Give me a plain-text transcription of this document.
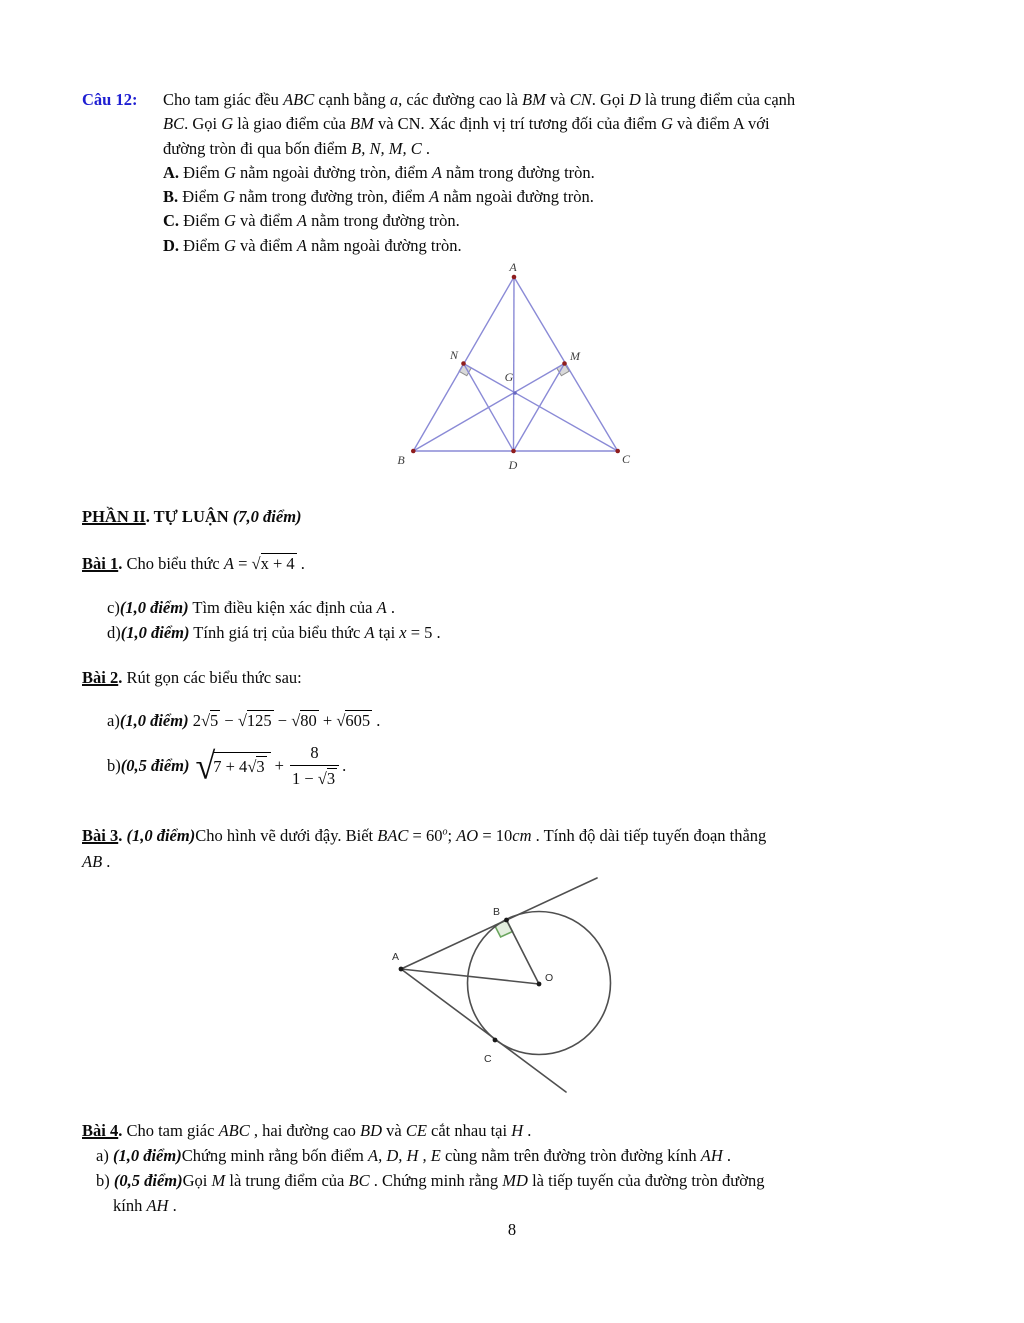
Câu 12:	Cho tam giác đều ABC cạnh bằng a, các đường cao là BM và CN. Gọi D là trung điểm của cạnh
BC. Gọi G là giao điểm của BM và CN. Xác định vị trí tương đối của điểm G và điểm A với
đường tròn đi qua bốn điểm B, N, M, C .
A. Điểm G nằm ngoài đường tròn, điểm A nằm trong đường tròn.
B. Điểm G nằm trong đường tròn, điểm A nằm ngoài đường tròn.
C. Điểm G và điểm A nằm trong đường tròn.
D. Điểm G và điểm A nằm ngoài đường tròn.
A
B	C
D
N	M
G
PHẦN II. TỰ LUẬN (7,0 điểm)
Bài 1. Cho biểu thức A = √x + 4 .
c)(1,0 điểm) Tìm điều kiện xác định của A .
d)(1,0 điểm) Tính giá trị của biểu thức A tại x = 5 .
Bài 2. Rút gọn các biểu thức sau:
a)(1,0 điểm) 2√5 − √125 − √80 + √605 .
b)(0,5 điểm) √
$7 + 4√3 + \frac{8}{1 - √3}$ .
Bài 3. (1,0 điểm)Cho hình vẽ dưới đậy. Biết BAC = $60^o$; AO = 10cm . Tính độ dài tiếp tuyến đoạn thẳng
AB .
A
B
C
O
Bài 4. Cho tam giác ABC , hai đường cao BD và CE cắt nhau tại H .
a) (1,0 điểm)Chứng minh rằng bốn điểm A, D, H , E cùng nằm trên đường tròn đường kính AH .
b) (0,5 điểm)Gọi M là trung điểm của BC . Chứng minh rằng MD là tiếp tuyến của đường tròn đường
kính AH .
8
